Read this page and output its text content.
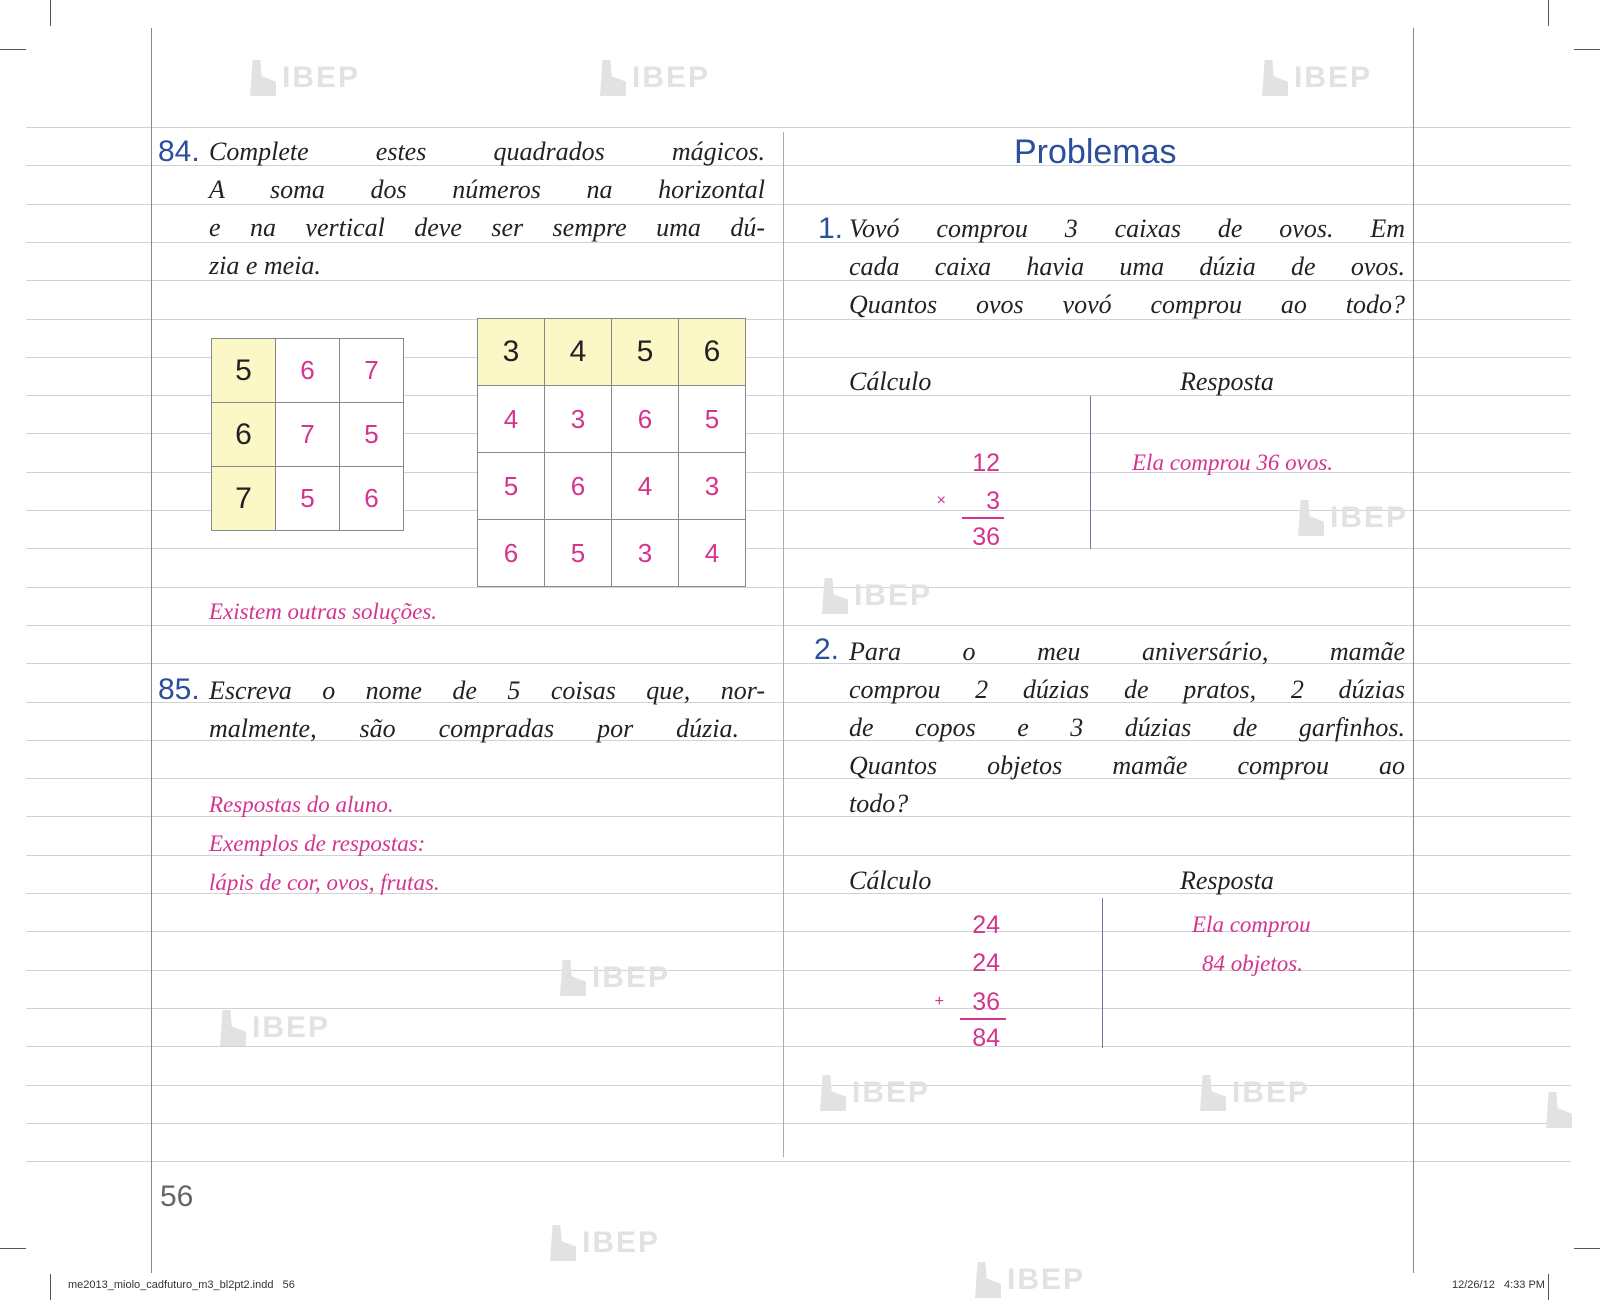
IBEP	IBEP	IBEP
IBEP
IBEP
IBEP
IBEP
IBEP
IBEP
IBEP
IBEP
84. Complete estes quadrados mágicos.
A soma dos números na horizontal
e na vertical deve ser sempre uma dú-
zia e meia.
5	6	7
6	7	5
7	5	6
3	4	5	6
4	3	6	5
5	6	4	3
6	5	3	4
Existem outras soluções.
85. Escreva o nome de 5 coisas que, nor-
malmente, são compradas por dúzia.
Respostas do aluno.
Exemplos de respostas:
lápis de cor, ovos, frutas.
Problemas
1. Vovó comprou 3 caixas de ovos. Em
cada caixa havia uma dúzia de ovos.
Quantos ovos vovó comprou ao todo?
Cálculo	Resposta
12
×	3
36
Ela comprou 36 ovos.
2. Para o meu aniversário, mamãe
comprou 2 dúzias de pratos, 2 dúzias
de copos e 3 dúzias de garfinhos.
Quantos objetos mamãe comprou ao
todo?
Cálculo	Resposta
24
24
+	36
84
Ela comprou
84 objetos.
56
me2013_miolo_cadfuturo_m3_bl2pt2.indd   56	12/26/12   4:33 PM
